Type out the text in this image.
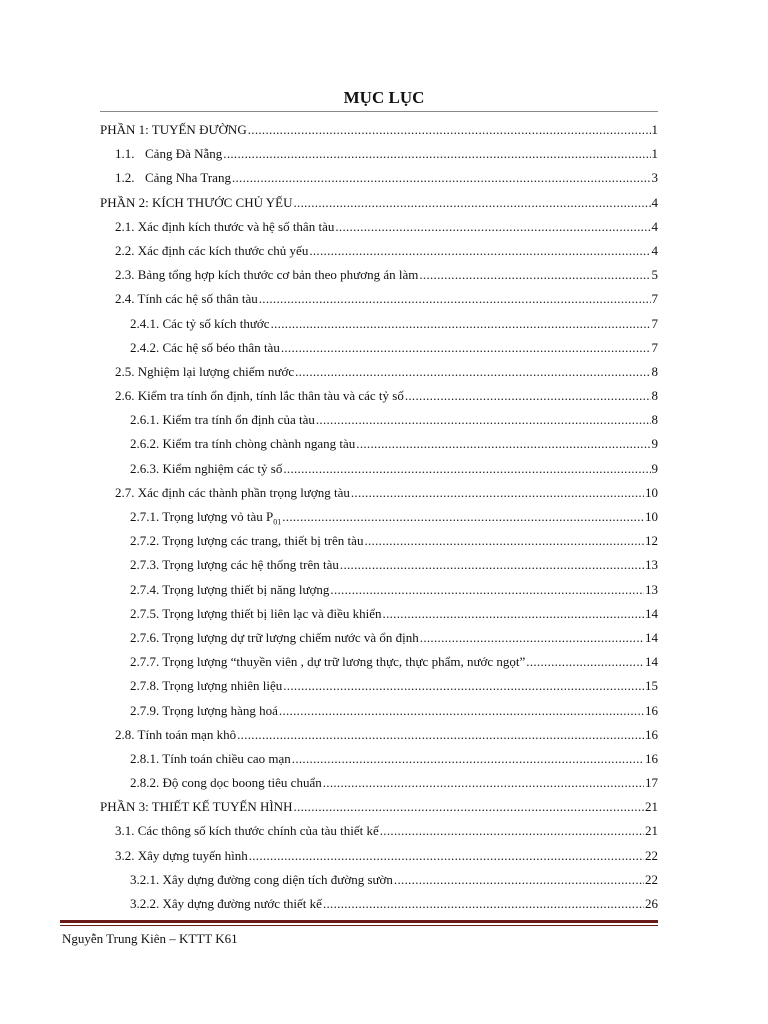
MỤC LỤC
PHẦN 1: TUYẾN ĐƯỜNG .....	1
1.1. Cảng Đà Nẵng .....	1
1.2. Cảng Nha Trang .....	3
PHẦN 2: KÍCH THƯỚC CHỦ YẾU .....	4
2.1. Xác định kích thước và hệ số thân tàu .....	4
2.2. Xác định các kích thước chủ yếu .....	4
2.3. Bảng tổng hợp kích thước cơ bản theo phương án làm .....	5
2.4. Tính các hệ số thân tàu .....	7
2.4.1. Các tỷ số kích thước .....	7
2.4.2. Các hệ số béo thân tàu .....	7
2.5. Nghiệm lại lượng chiếm nước .....	8
2.6. Kiểm tra tính ổn định, tính lắc thân tàu và các tỷ số .....	8
2.6.1. Kiểm tra tính ổn định của tàu .....	8
2.6.2. Kiểm tra tính chòng chành ngang tàu .....	9
2.6.3. Kiểm nghiệm các tỷ số .....	9
2.7. Xác định các thành phần trọng lượng tàu .....	10
2.7.1. Trọng lượng vỏ tàu $P_{01}$ .....	10
2.7.2. Trọng lượng các trang, thiết bị trên tàu .....	12
2.7.3. Trọng lượng các hệ thống trên tàu .....	13
2.7.4. Trọng lượng thiết bị năng lượng .....	13
2.7.5. Trọng lượng thiết bị liên lạc và điều khiển .....	14
2.7.6. Trọng lượng dự trữ lượng chiếm nước và ổn định .....	14
2.7.7. Trọng lượng “thuyền viên , dự trữ lương thực, thực phẩm, nước ngọt” .....	14
2.7.8. Trọng lượng nhiên liệu .....	15
2.7.9. Trọng lượng hàng hoá .....	16
2.8. Tính toán mạn khô .....	16
2.8.1. Tính toán chiều cao mạn .....	16
2.8.2. Độ cong dọc boong tiêu chuẩn .....	17
PHẦN 3: THIẾT KẾ TUYẾN HÌNH .....	21
3.1. Các thông số kích thước chính của tàu thiết kế .....	21
3.2. Xây dựng tuyến hình .....	22
3.2.1. Xây dựng đường cong diện tích đường sườn .....	22
3.2.2. Xây dựng đường nước thiết kế .....	26
Nguyễn Trung Kiên – KTTT K61
